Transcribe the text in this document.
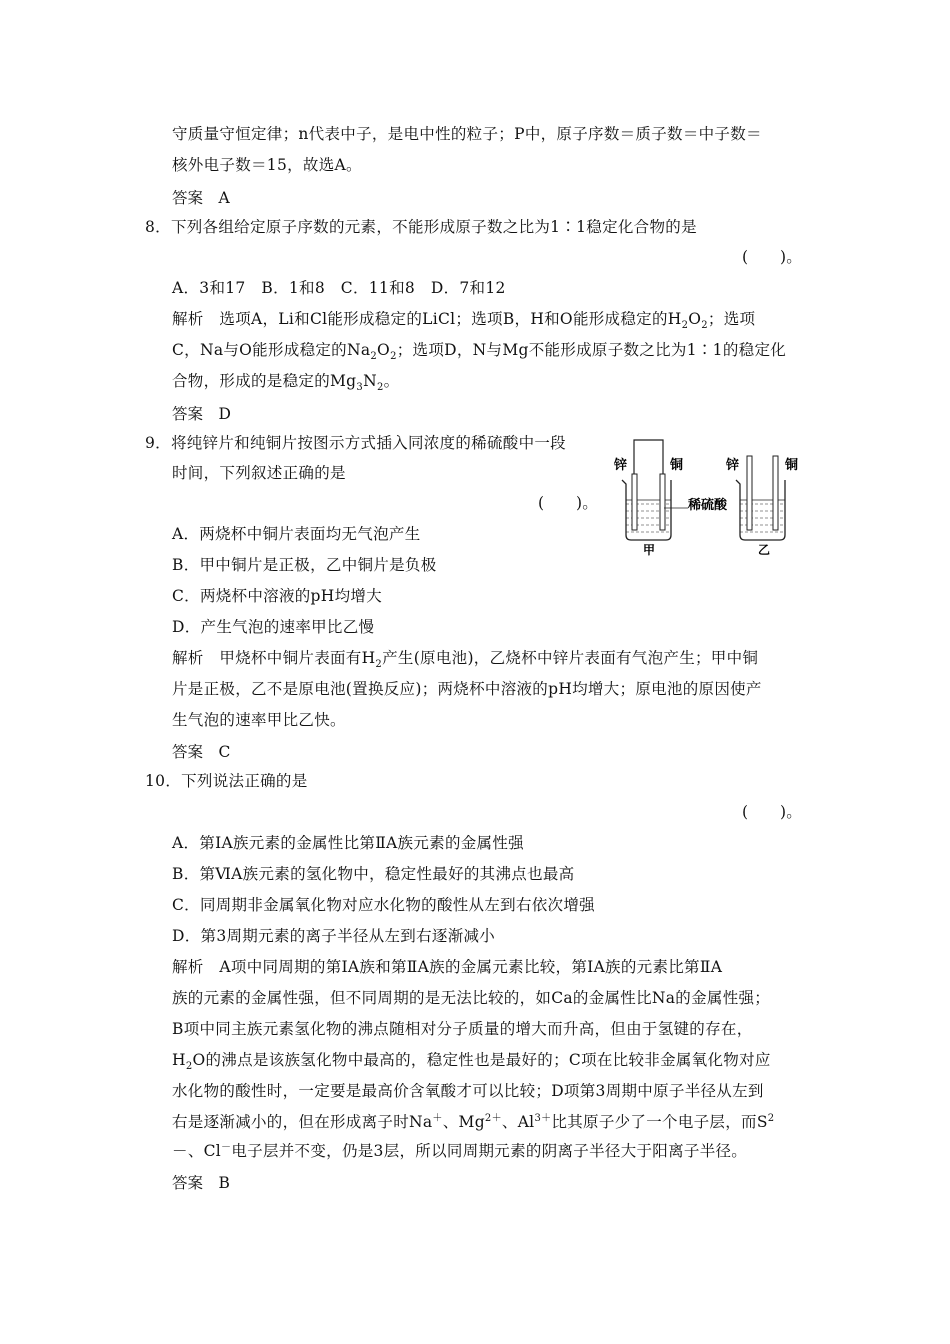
守质量守恒定律；n代表中子，是电中性的粒子；P中，原子序数＝质子数＝中子数＝
核外电子数＝15，故选A。
答案　A
8．下列各组给定原子序数的元素，不能形成原子数之比为1∶1稳定化合物的是
(　　)。
A．3和17　B．1和8　C．11和8　D．7和12
解析　选项A，Li和Cl能形成稳定的LiCl；选项B，H和O能形成稳定的$H_2O_2$；选项
C，Na与O能形成稳定的$Na_2O_2$；选项D，N与Mg不能形成原子数之比为1∶1的稳定化
合物，形成的是稳定的$Mg_3N_2$。
答案　D
9．将纯锌片和纯铜片按图示方式插入同浓度的稀硫酸中一段
时间，下列叙述正确的是
(　　)。
A．两烧杯中铜片表面均无气泡产生
B．甲中铜片是正极，乙中铜片是负极
C．两烧杯中溶液的pH均增大
D．产生气泡的速率甲比乙慢
解析　甲烧杯中铜片表面有$H_2$产生(原电池)，乙烧杯中锌片表面有气泡产生；甲中铜
片是正极，乙不是原电池(置换反应)；两烧杯中溶液的pH均增大；原电池的原因使产
生气泡的速率甲比乙快。
答案　C
锌	铜	锌	铜
稀硫酸
甲	乙
10．下列说法正确的是
(　　)。
A．第ⅠA族元素的金属性比第ⅡA族元素的金属性强
B．第ⅥA族元素的氢化物中，稳定性最好的其沸点也最高
C．同周期非金属氧化物对应水化物的酸性从左到右依次增强
D．第3周期元素的离子半径从左到右逐渐减小
解析　A项中同周期的第ⅠA族和第ⅡA族的金属元素比较，第ⅠA族的元素比第ⅡA
族的元素的金属性强，但不同周期的是无法比较的，如Ca的金属性比Na的金属性强；
B项中同主族元素氢化物的沸点随相对分子质量的增大而升高，但由于氢键的存在，
$H_2O$的沸点是该族氢化物中最高的，稳定性也是最好的；C项在比较非金属氧化物对应
水化物的酸性时，一定要是最高价含氧酸才可以比较；D项第3周期中原子半径从左到
右是逐渐减小的，但在形成离子时Na＋、$Mg^{2+}$、$Al^{3+}$比其原子少了一个电子层，而$S^2$
－、Cl－电子层并不变，仍是3层，所以同周期元素的阴离子半径大于阳离子半径。
答案　B
